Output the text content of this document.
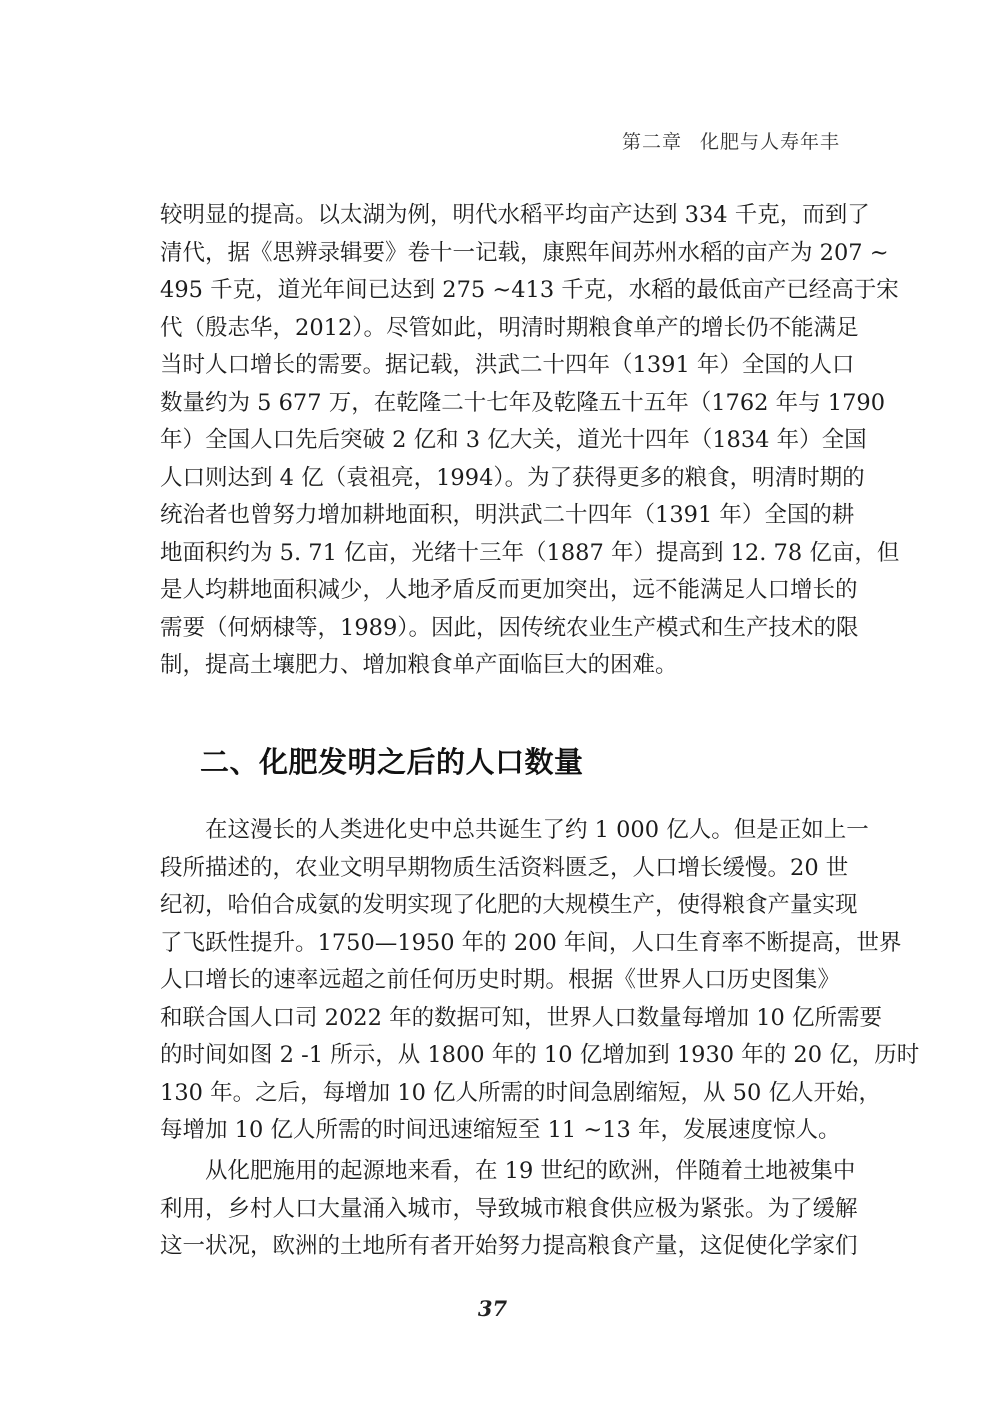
第二章 化肥与人寿年丰
较明显的提高。以太湖为例，明代水稻平均亩产达到 334 千克，而到了
清代，据《思辨录辑要》卷十一记载，康熙年间苏州水稻的亩产为 207 ~
495 千克，道光年间已达到 275 ~413 千克，水稻的最低亩产已经高于宋
代（殷志华，2012）。尽管如此，明清时期粮食单产的增长仍不能满足
当时人口增长的需要。据记载，洪武二十四年（1391 年）全国的人口
数量约为 5 677 万，在乾隆二十七年及乾隆五十五年（1762 年与 1790
年）全国人口先后突破 2 亿和 3 亿大关，道光十四年（1834 年）全国
人口则达到 4 亿（袁祖亮，1994）。为了获得更多的粮食，明清时期的
统治者也曾努力增加耕地面积，明洪武二十四年（1391 年）全国的耕
地面积约为 5. 71 亿亩，光绪十三年（1887 年）提高到 12. 78 亿亩，但
是人均耕地面积减少，人地矛盾反而更加突出，远不能满足人口增长的
需要（何炳棣等，1989）。因此，因传统农业生产模式和生产技术的限
制，提高土壤肥力、增加粮食单产面临巨大的困难。
二、化肥发明之后的人口数量
在这漫长的人类进化史中总共诞生了约 1 000 亿人。但是正如上一
段所描述的，农业文明早期物质生活资料匮乏，人口增长缓慢。20 世
纪初，哈伯合成氨的发明实现了化肥的大规模生产，使得粮食产量实现
了飞跃性提升。1750—1950 年的 200 年间，人口生育率不断提高，世界
人口增长的速率远超之前任何历史时期。根据《世界人口历史图集》
和联合国人口司 2022 年的数据可知，世界人口数量每增加 10 亿所需要
的时间如图 2 -1 所示，从 1800 年的 10 亿增加到 1930 年的 20 亿，历时
130 年。之后，每增加 10 亿人所需的时间急剧缩短，从 50 亿人开始，
每增加 10 亿人所需的时间迅速缩短至 11 ~13 年，发展速度惊人。
从化肥施用的起源地来看，在 19 世纪的欧洲，伴随着土地被集中
利用，乡村人口大量涌入城市，导致城市粮食供应极为紧张。为了缓解
这一状况，欧洲的土地所有者开始努力提高粮食产量，这促使化学家们
37
